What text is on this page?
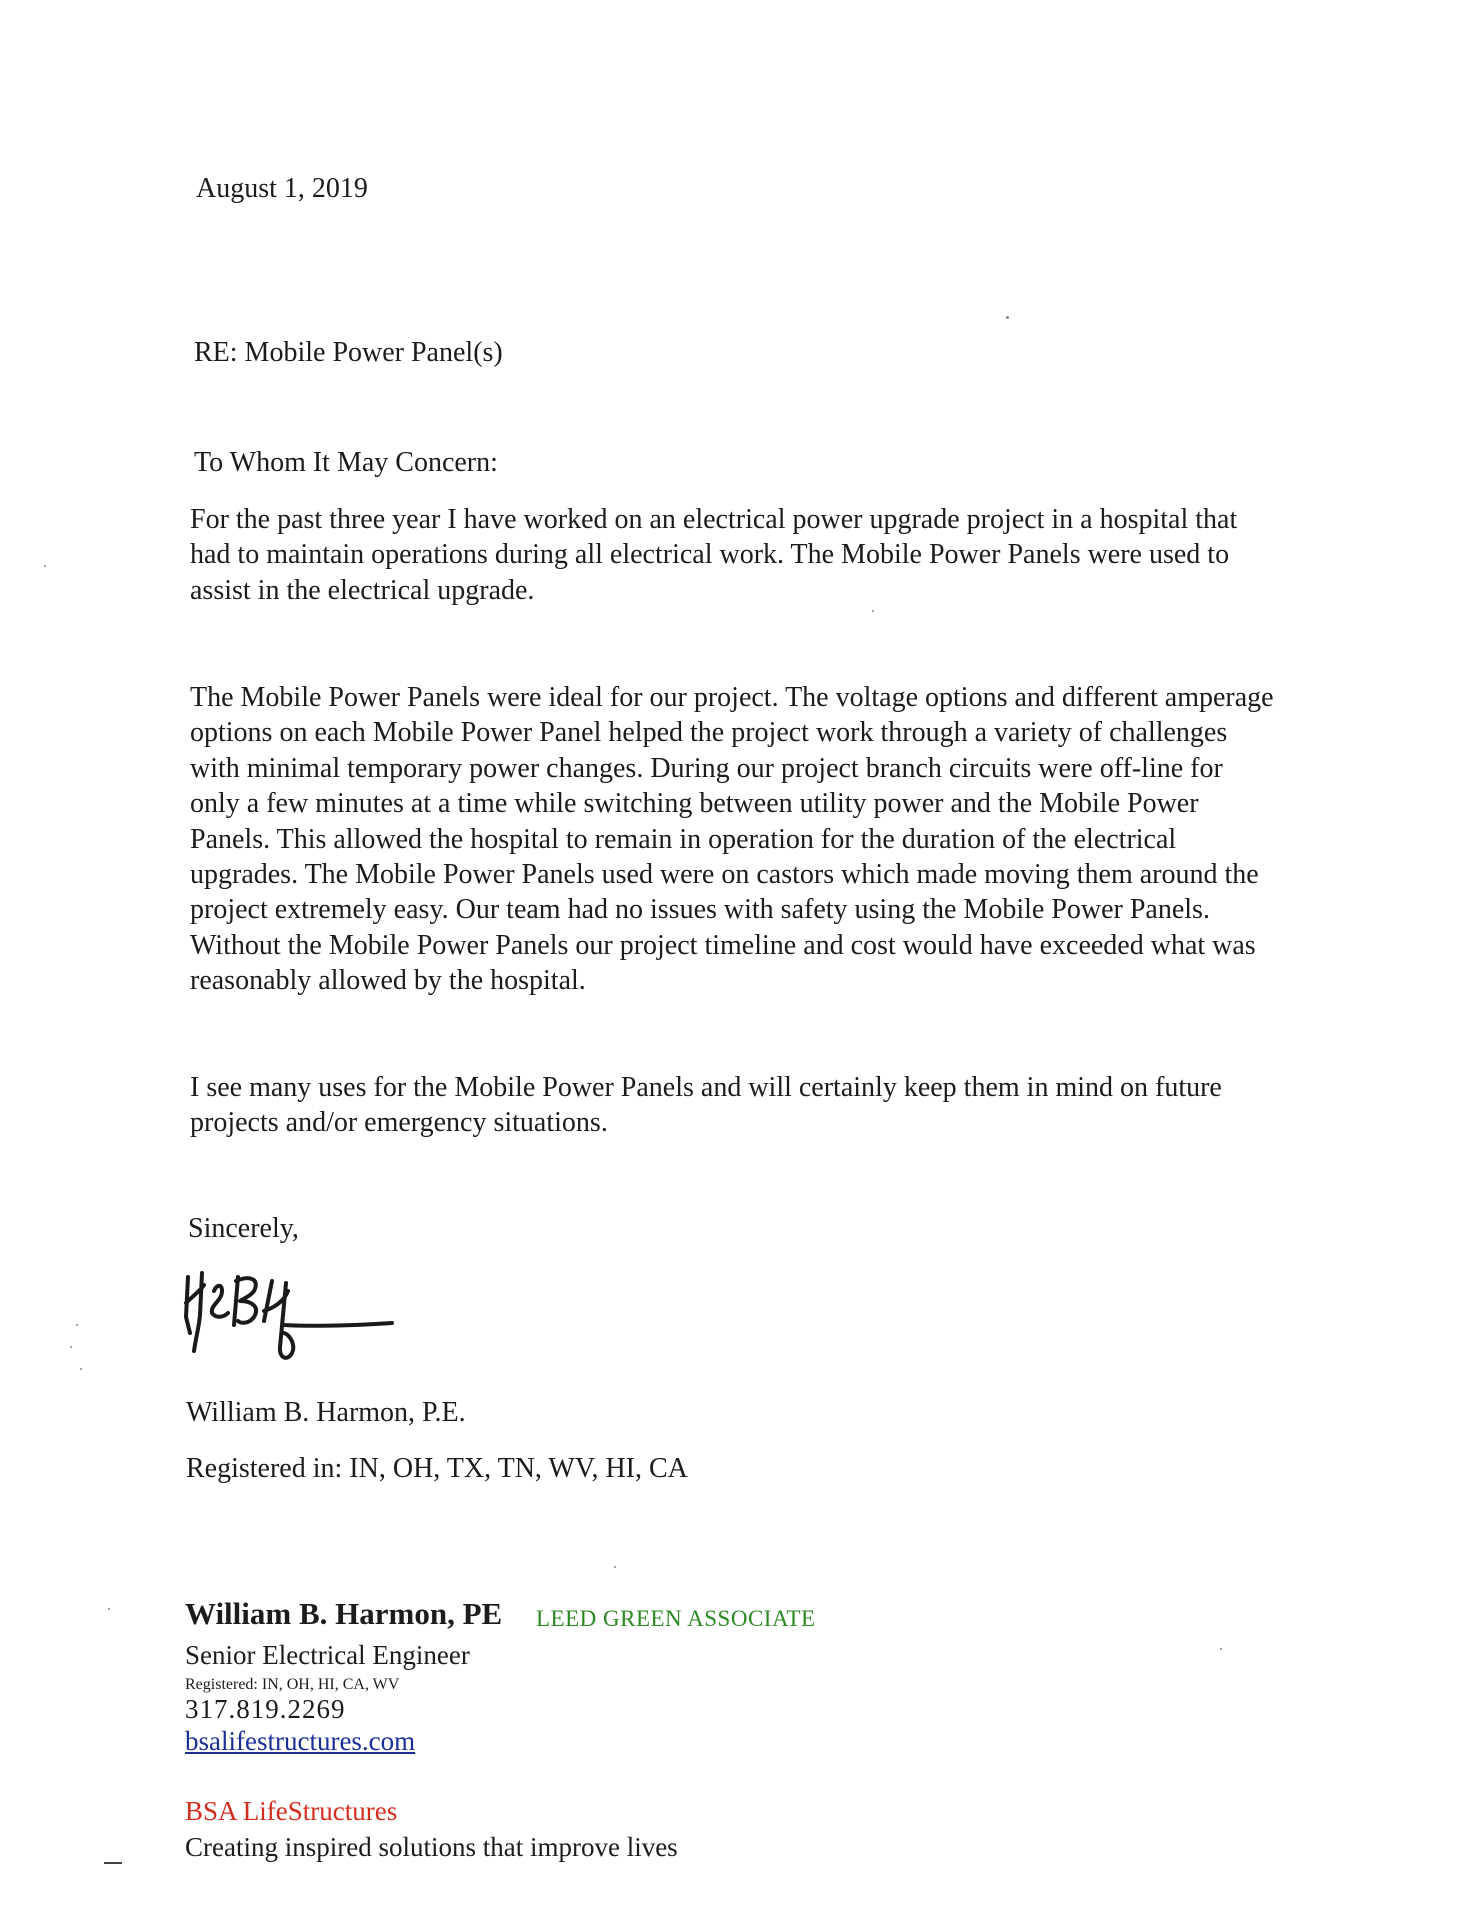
August 1, 2019
RE: Mobile Power Panel(s)
To Whom It May Concern:
For the past three year I have worked on an electrical power upgrade project in a hospital that
had to maintain operations during all electrical work. The Mobile Power Panels were used to
assist in the electrical upgrade.
The Mobile Power Panels were ideal for our project. The voltage options and different amperage
options on each Mobile Power Panel helped the project work through a variety of challenges
with minimal temporary power changes. During our project branch circuits were off-line for
only a few minutes at a time while switching between utility power and the Mobile Power
Panels. This allowed the hospital to remain in operation for the duration of the electrical
upgrades. The Mobile Power Panels used were on castors which made moving them around the
project extremely easy. Our team had no issues with safety using the Mobile Power Panels.
Without the Mobile Power Panels our project timeline and cost would have exceeded what was
reasonably allowed by the hospital.
I see many uses for the Mobile Power Panels and will certainly keep them in mind on future
projects and/or emergency situations.
Sincerely,
William B. Harmon, P.E.
Registered in: IN, OH, TX, TN, WV, HI, CA
William B. Harmon, PE LEED GREEN ASSOCIATE
Senior Electrical Engineer
Registered: IN, OH, HI, CA, WV
317.819.2269
bsalifestructures.com
BSA LifeStructures
Creating inspired solutions that improve lives
